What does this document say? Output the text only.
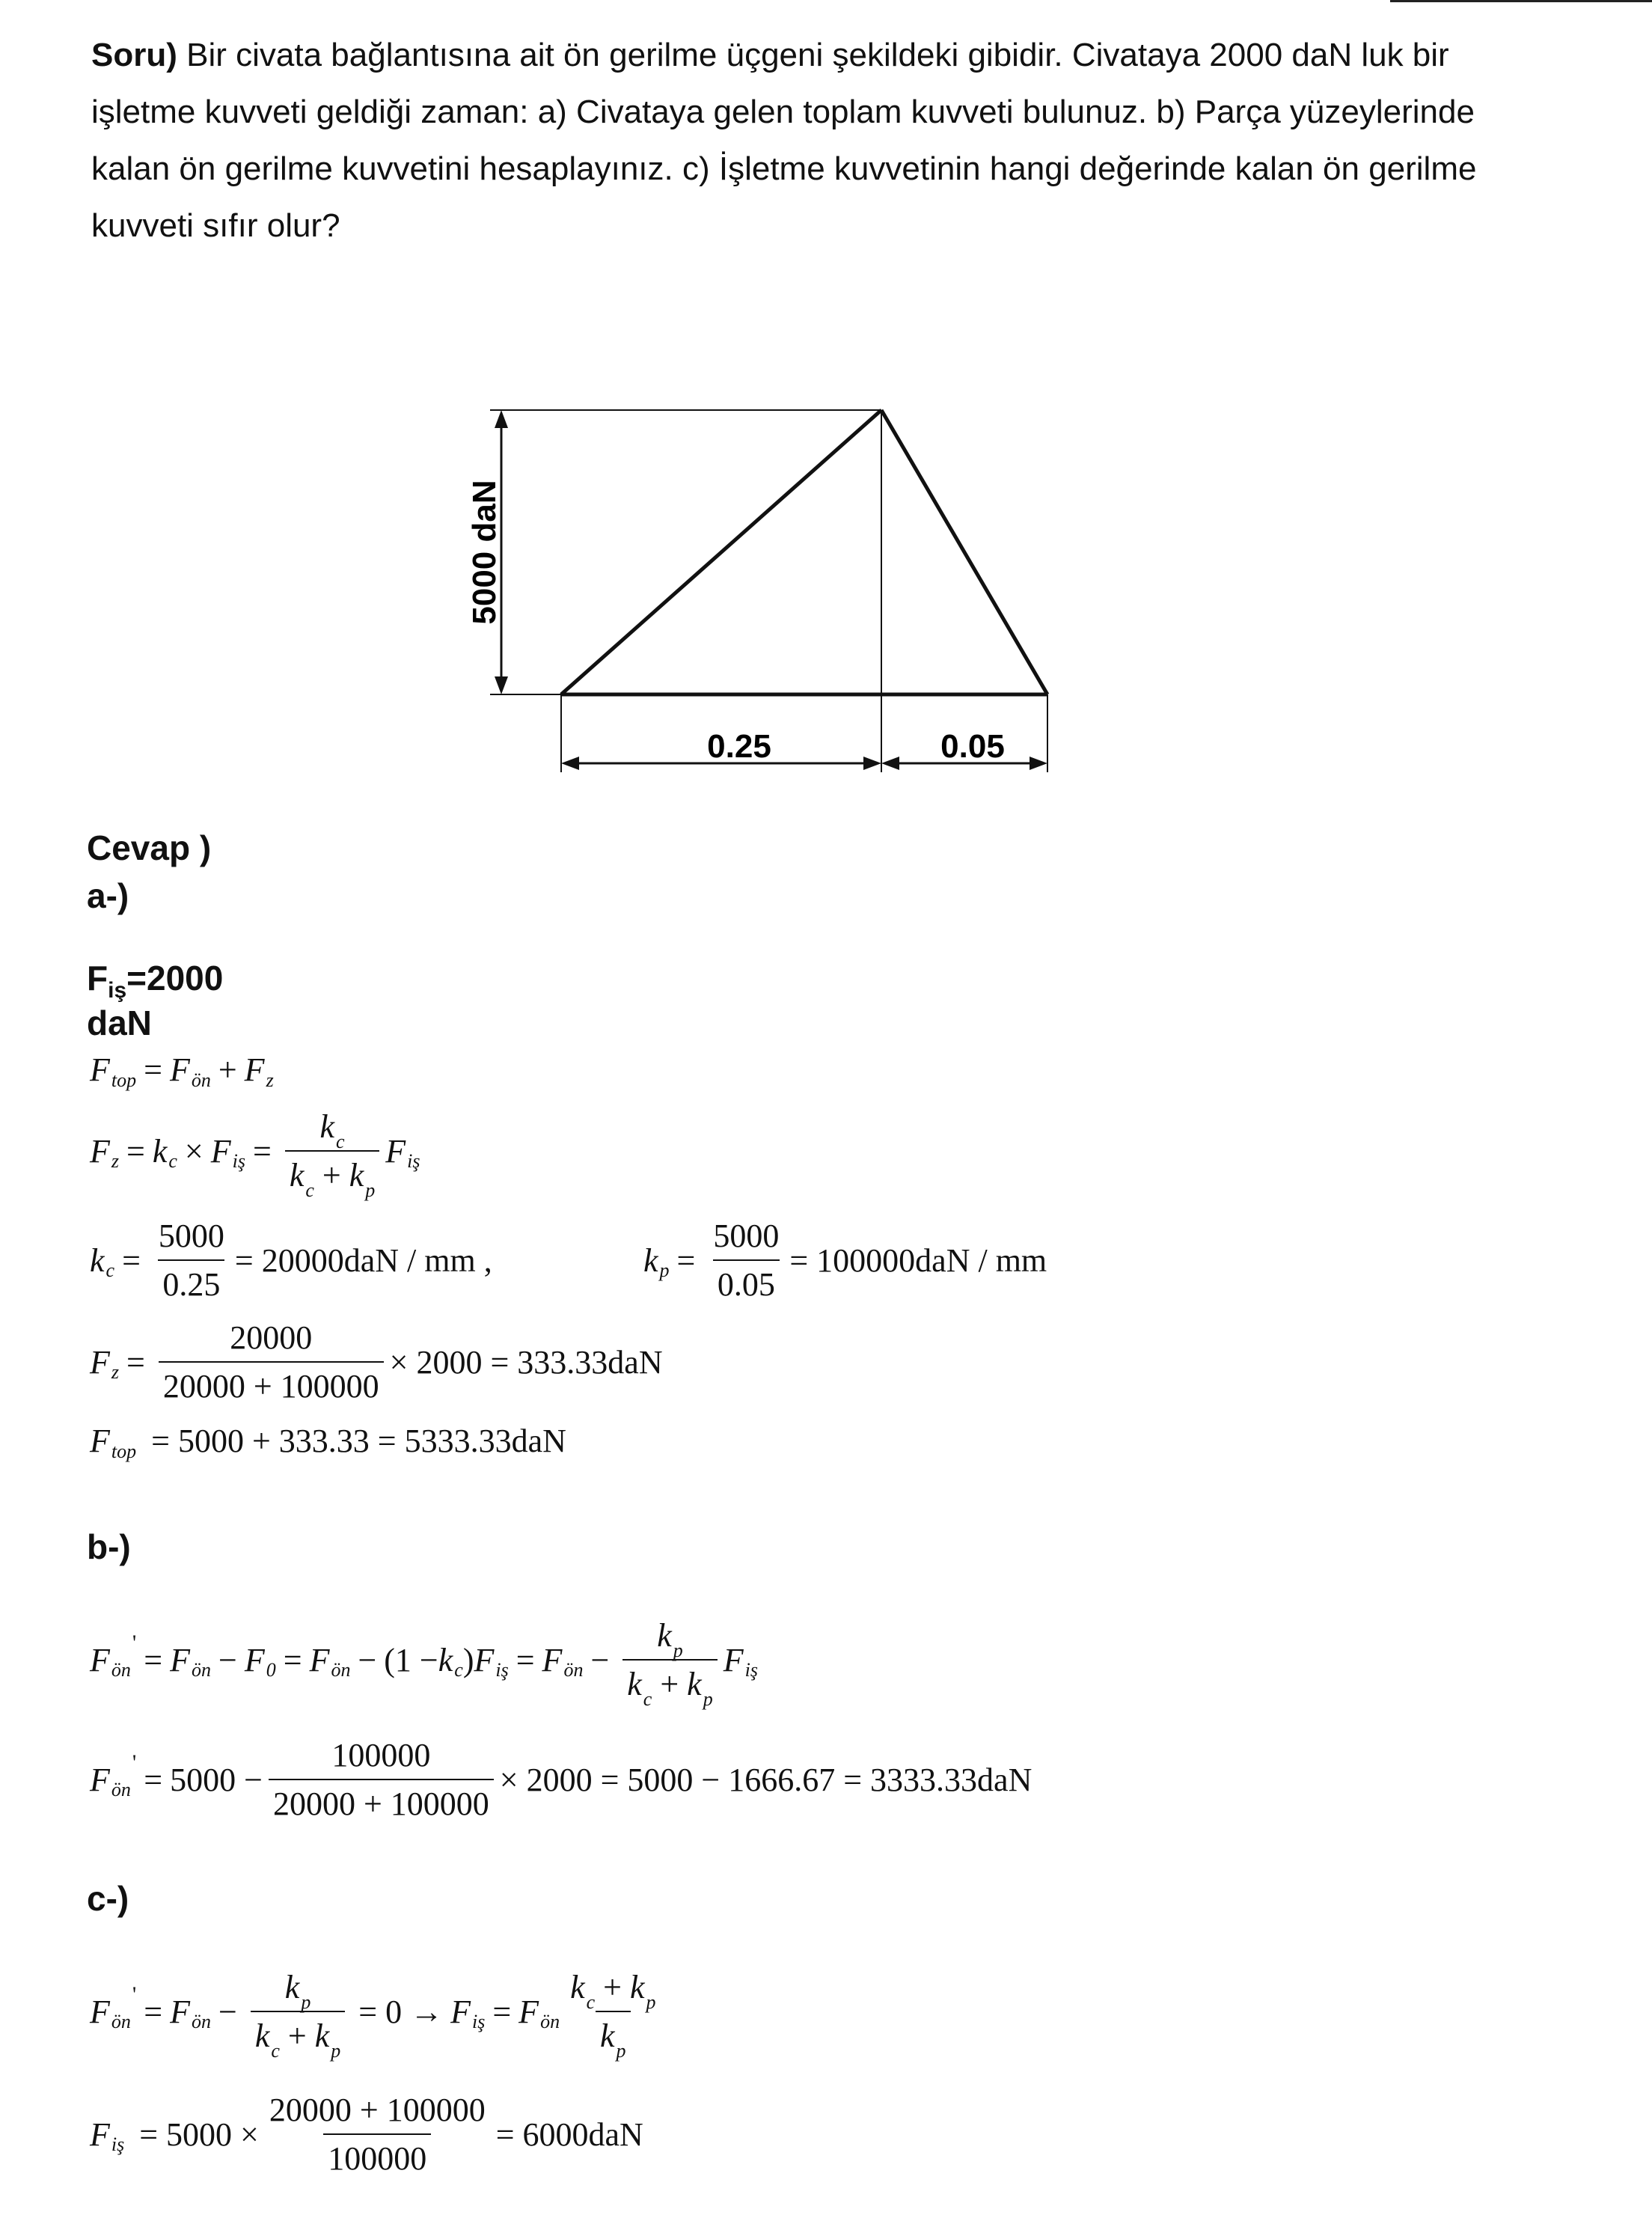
Soru) Bir civata bağlantısına ait ön gerilme üçgeni şekildeki gibidir. Civataya 2000 daN luk bir işletme kuvveti geldiği zaman: a) Civataya gelen toplam kuvveti bulunuz. b) Parça yüzeylerinde kalan ön gerilme kuvvetini hesaplayınız. c) İşletme kuvvetinin hangi değerinde kalan ön gerilme kuvveti sıfır olur?
5000 daN
0.25	0.05
Cevap )
a-)
$F_{iş}=2000$
daN
F top = F ön + F z
F z = k c × F iş = $\frac{k_c}{k_c + k_p}$ F iş
k $c = \frac{5000}{0.25} = 20000daN$ / mm ,	k $p = \frac{5000}{0.05} = 100000daN$ / mm
F $z = \frac{20000}{20000 + 100000} \times 2000 = 333.33daN$
F top = 5000 + 333.33 = 5333.33daN
b-)
F ön
' = F ön − F 0 = F ön − (1 − k c ) F iş = F ön − $\frac{k_p}{k_c + k_p}$ F iş
F ön
' = $5000 - \frac{100000}{20000 + 100000} \times 2000 = 5000 - 1666.67 = 3333.33daN$
c-)
F ön
' = F ön − $\frac{k_p}{k_c + k_p} = 0 \to F$ iş = F ön $\frac{k_c + k_p}{k_p}$
F iş = $5000 \times \frac{20000 + 100000}{100000} = 6000daN$
